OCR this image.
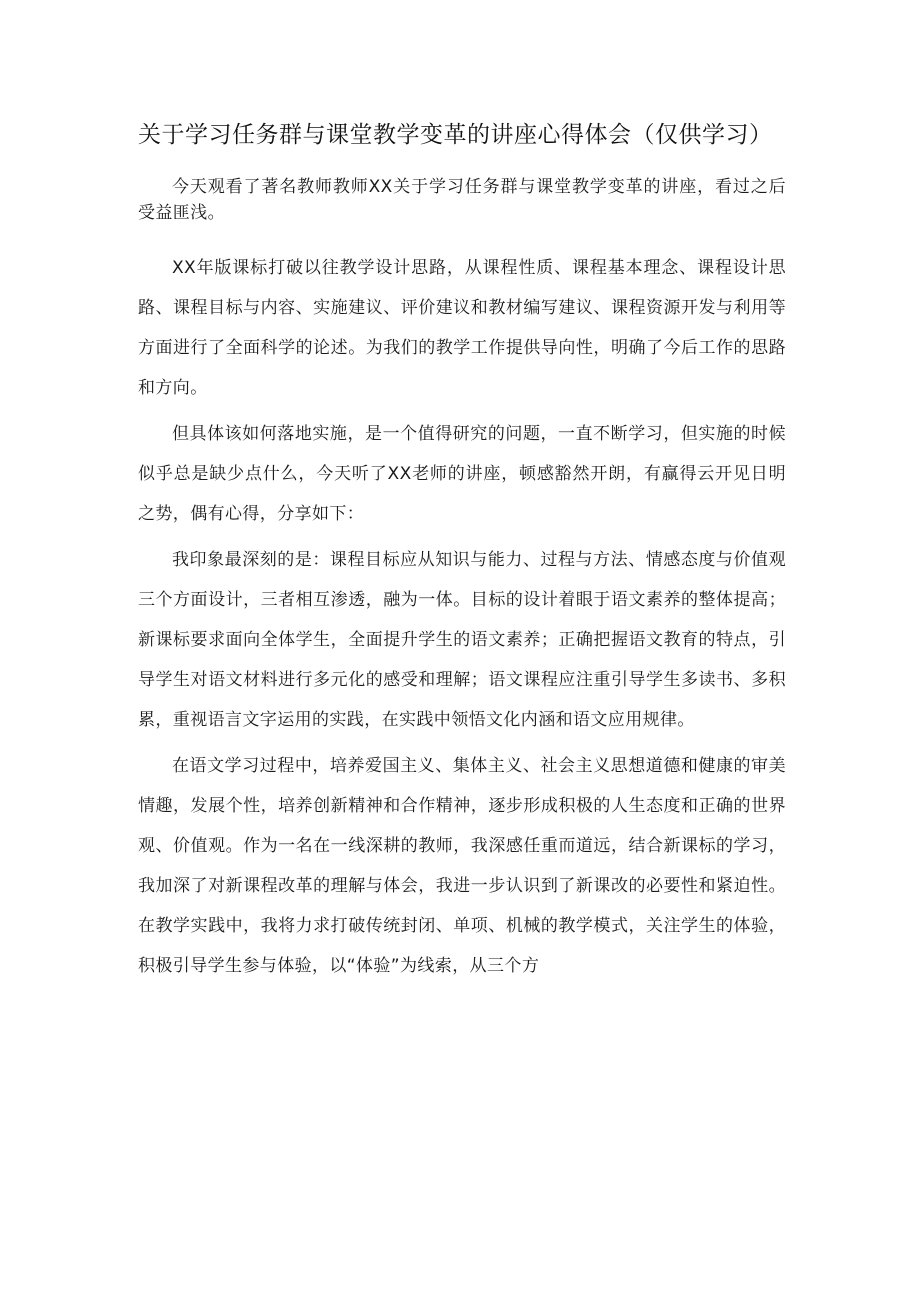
关于学习任务群与课堂教学变革的讲座心得体会（仅供学习）

今天观看了著名教师教师XX关于学习任务群与课堂教学变革的讲座，看过之后受益匪浅。

XX年版课标打破以往教学设计思路，从课程性质、课程基本理念、课程设计思路、课程目标与内容、实施建议、评价建议和教材编写建议、课程资源开发与利用等方面进行了全面科学的论述。为我们的教学工作提供导向性，明确了今后工作的思路和方向。

但具体该如何落地实施，是一个值得研究的问题，一直不断学习，但实施的时候似乎总是缺少点什么，今天听了XX老师的讲座，顿感豁然开朗，有赢得云开见日明之势，偶有心得，分享如下：

我印象最深刻的是：课程目标应从知识与能力、过程与方法、情感态度与价值观三个方面设计，三者相互渗透，融为一体。目标的设计着眼于语文素养的整体提高；新课标要求面向全体学生，全面提升学生的语文素养；正确把握语文教育的特点，引导学生对语文材料进行多元化的感受和理解；语文课程应注重引导学生多读书、多积累，重视语言文字运用的实践，在实践中领悟文化内涵和语文应用规律。

在语文学习过程中，培养爱国主义、集体主义、社会主义思想道德和健康的审美情趣，发展个性，培养创新精神和合作精神，逐步形成积极的人生态度和正确的世界观、价值观。作为一名在一线深耕的教师，我深感任重而道远，结合新课标的学习，我加深了对新课程改革的理解与体会，我进一步认识到了新课改的必要性和紧迫性。在教学实践中，我将力求打破传统封闭、单项、机械的教学模式，关注学生的体验，积极引导学生参与体验，以“体验”为线索，从三个方
